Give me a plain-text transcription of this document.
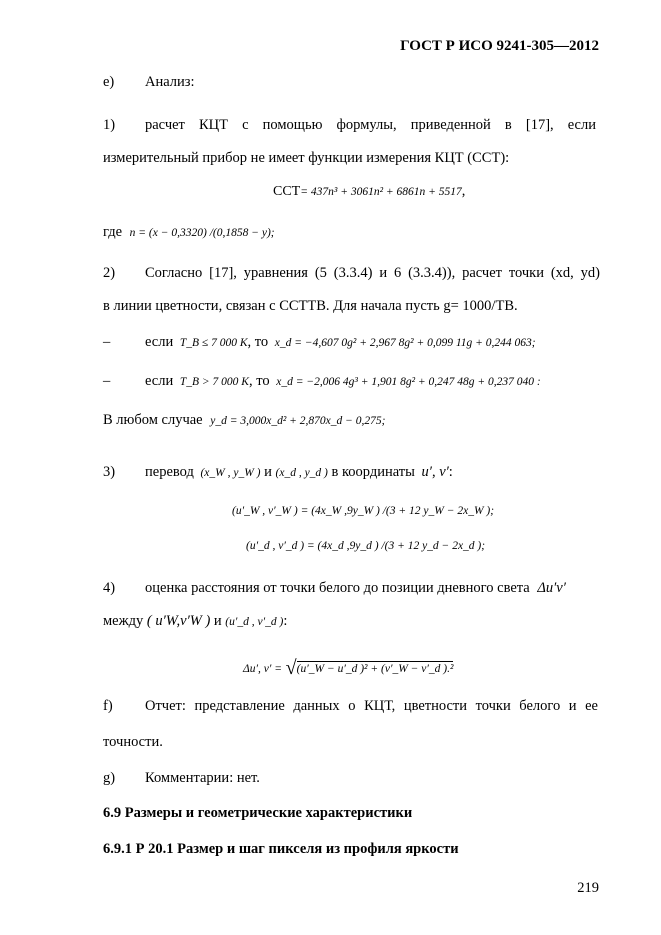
ГОСТ Р ИСО 9241-305—2012
e) Анализ:
1) расчет КЦТ с помощью формулы, приведенной в [17], если
измерительный прибор не имеет функции измерения КЦТ (CCT):
CCT= 437n³ + 3061n² + 6861n + 5517,
где n = (x − 0,3320) /(0,1858 − y);
2) Согласно [17], уравнения (5 (3.3.4) и 6 (3.3.4)), расчет точки (xd, yd)
в линии цветности, связан с CCTTB. Для начала пусть g= 1000/TB.
– если T_B ≤ 7 000 K, то x_d = −4,607 0g² + 2,967 8g² + 0,099 11g + 0,244 063;
– если T_B > 7 000 K, то x_d = −2,006 4g³ + 1,901 8g² + 0,247 48g + 0,237 040 :
В любом случае y_d = 3,000x_d² + 2,870x_d − 0,275;
3) перевод (x_W , y_W ) и (x_d , y_d ) в координаты u′, v′:
(u′_W , v′_W ) = (4x_W ,9y_W ) /(3 + 12 y_W − 2x_W );
(u′_d , v′_d ) = (4x_d ,9y_d ) /(3 + 12 y_d − 2x_d );
4) оценка расстояния от точки белого до позиции дневного света Δu′v′
между ( u′W,v′W ) и (u′_d , v′_d ):
Δu′, v′ = √(u′_W − u′_d )² + (v′_W − v′_d ).²
f) Отчет: представление данных о КЦТ, цветности точки белого и ее
точности.
g) Комментарии: нет.
6.9 Размеры и геометрические характеристики
6.9.1 Р 20.1 Размер и шаг пикселя из профиля яркости
219
